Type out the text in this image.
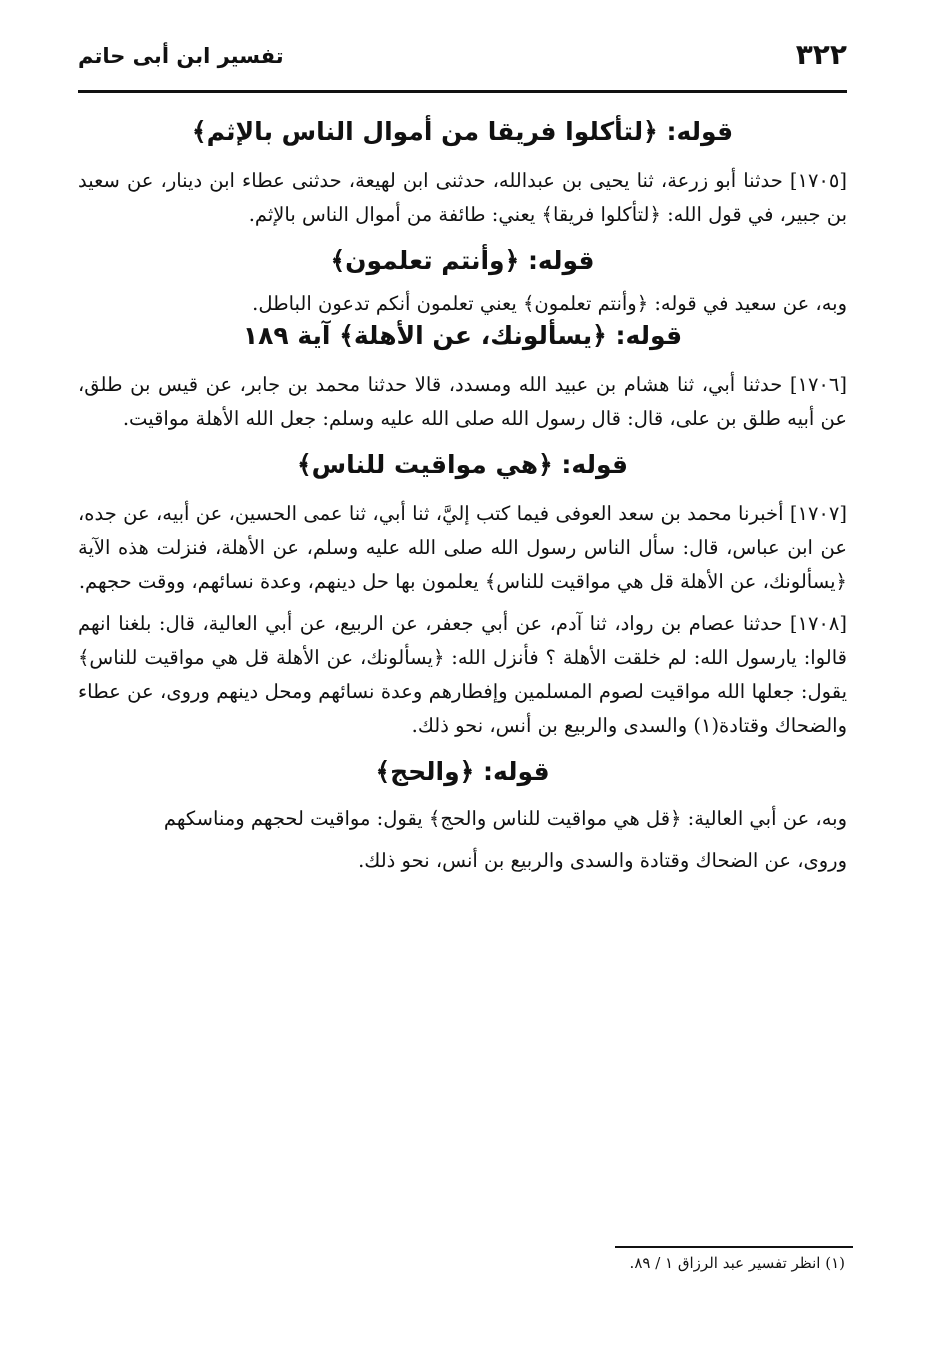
٣٢٢
تفسير ابن أبى حاتم
قوله: ﴿لتأكلوا فريقا من أموال الناس بالإثم﴾

[١٧٠٥] حدثنا أبو زرعة، ثنا يحيى بن عبدالله، حدثنى ابن لهيعة، حدثنى عطاء ابن دينار، عن سعيد بن جبير، في قول الله: ﴿لتأكلوا فريقا﴾ يعني: طائفة من أموال الناس بالإثم.

قوله: ﴿وأنتم تعلمون﴾

وبه، عن سعيد في قوله: ﴿وأنتم تعلمون﴾ يعني تعلمون أنكم تدعون الباطل.

قوله: ﴿يسألونك، عن الأهلة﴾ آية ١٨٩

[١٧٠٦] حدثنا أبي، ثنا هشام بن عبيد الله ومسدد، قالا حدثنا محمد بن جابر، عن قيس بن طلق، عن أبيه طلق بن على، قال: قال رسول الله صلى الله عليه وسلم: جعل الله الأهلة مواقيت.

قوله: ﴿هي مواقيت للناس﴾

[١٧٠٧] أخبرنا محمد بن سعد العوفى فيما كتب إليَّ، ثنا أبي، ثنا عمى الحسين، عن أبيه، عن جده، عن ابن عباس، قال: سأل الناس رسول الله صلى الله عليه وسلم، عن الأهلة، فنزلت هذه الآية ﴿يسألونك، عن الأهلة قل هي مواقيت للناس﴾ يعلمون بها حل دينهم، وعدة نسائهم، ووقت حجهم.

[١٧٠٨] حدثنا عصام بن رواد، ثنا آدم، عن أبي جعفر، عن الربيع، عن أبي العالية، قال: بلغنا انهم قالوا: يارسول الله: لم خلقت الأهلة ؟ فأنزل الله: ﴿يسألونك، عن الأهلة قل هي مواقيت للناس﴾ يقول: جعلها الله مواقيت لصوم المسلمين وإفطارهم وعدة نسائهم ومحل دينهم وروى، عن عطاء والضحاك وقتادة(١) والسدى والربيع بن أنس، نحو ذلك.

قوله: ﴿والحج﴾

وبه، عن أبي العالية: ﴿قل هي مواقيت للناس والحج﴾ يقول: مواقيت لحجهم ومناسكهم

وروى، عن الضحاك وقتادة والسدى والربيع بن أنس، نحو ذلك.

(١) انظر تفسير عبد الرزاق ١ / ٨٩.
